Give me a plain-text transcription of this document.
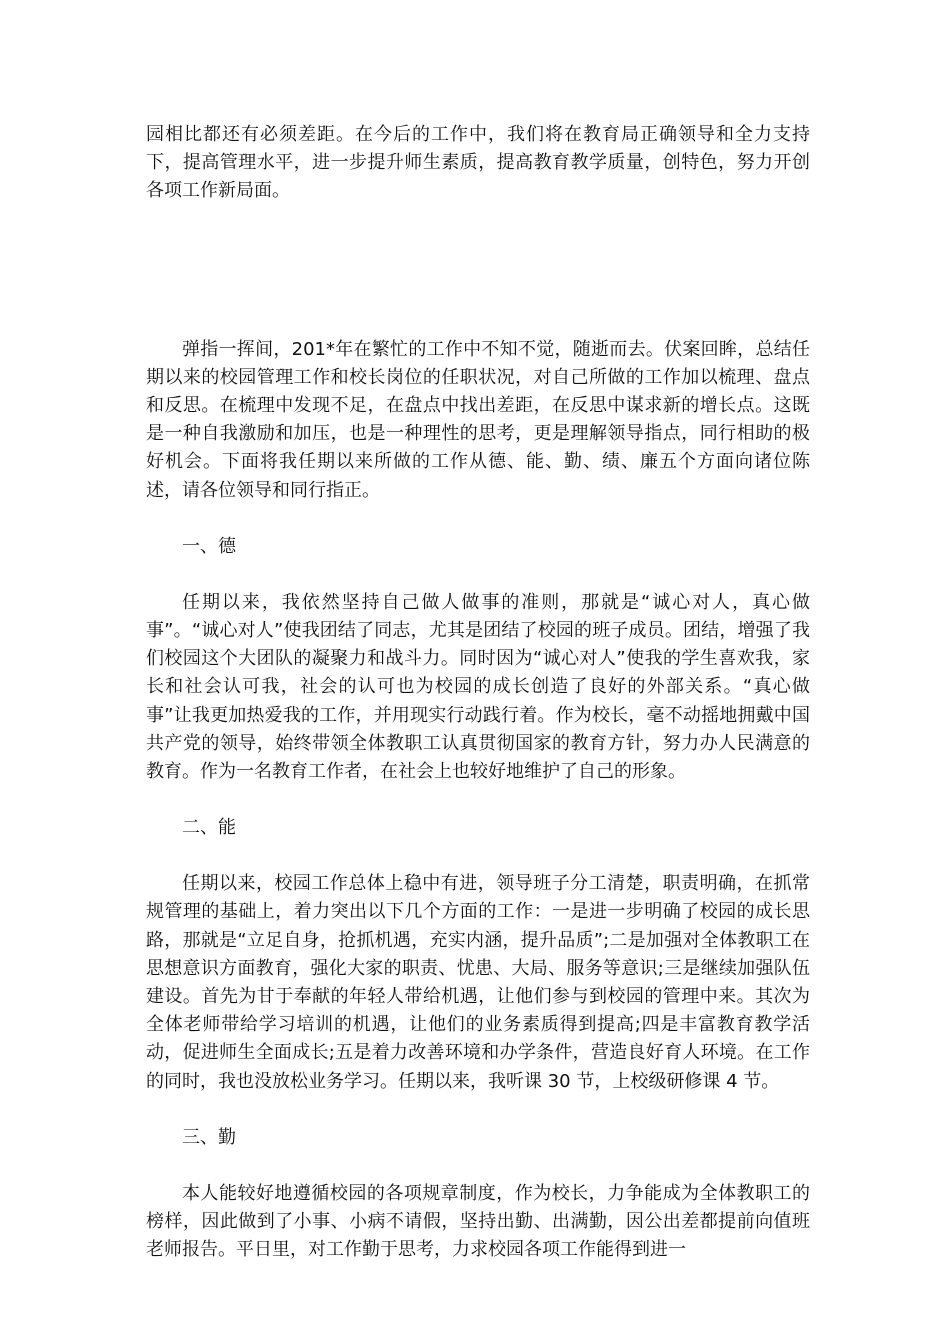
园相比都还有必须差距。在今后的工作中，我们将在教育局正确领导和全力支持下，提高管理水平，进一步提升师生素质，提高教育教学质量，创特色，努力开创各项工作新局面。

弹指一挥间，201*年在繁忙的工作中不知不觉，随逝而去。伏案回眸，总结任期以来的校园管理工作和校长岗位的任职状况，对自己所做的工作加以梳理、盘点和反思。在梳理中发现不足，在盘点中找出差距，在反思中谋求新的增长点。这既是一种自我激励和加压，也是一种理性的思考，更是理解领导指点，同行相助的极好机会。下面将我任期以来所做的工作从德、能、勤、绩、廉五个方面向诸位陈述，请各位领导和同行指正。

一、德

任期以来，我依然坚持自己做人做事的准则，那就是“诚心对人，真心做事”。“诚心对人”使我团结了同志，尤其是团结了校园的班子成员。团结，增强了我们校园这个大团队的凝聚力和战斗力。同时因为“诚心对人”使我的学生喜欢我，家长和社会认可我，社会的认可也为校园的成长创造了良好的外部关系。“真心做事”让我更加热爱我的工作，并用现实行动践行着。作为校长，毫不动摇地拥戴中国共产党的领导，始终带领全体教职工认真贯彻国家的教育方针，努力办人民满意的教育。作为一名教育工作者，在社会上也较好地维护了自己的形象。

二、能

任期以来，校园工作总体上稳中有进，领导班子分工清楚，职责明确，在抓常规管理的基础上，着力突出以下几个方面的工作：一是进一步明确了校园的成长思路，那就是“立足自身，抢抓机遇，充实内涵，提升品质”;二是加强对全体教职工在思想意识方面教育，强化大家的职责、忧患、大局、服务等意识;三是继续加强队伍建设。首先为甘于奉献的年轻人带给机遇，让他们参与到校园的管理中来。其次为全体老师带给学习培训的机遇，让他们的业务素质得到提高;四是丰富教育教学活动，促进师生全面成长;五是着力改善环境和办学条件，营造良好育人环境。在工作的同时，我也没放松业务学习。任期以来，我听课 30 节，上校级研修课 4 节。

三、勤

本人能较好地遵循校园的各项规章制度，作为校长，力争能成为全体教职工的榜样，因此做到了小事、小病不请假，坚持出勤、出满勤，因公出差都提前向值班老师报告。平日里，对工作勤于思考，力求校园各项工作能得到进一
